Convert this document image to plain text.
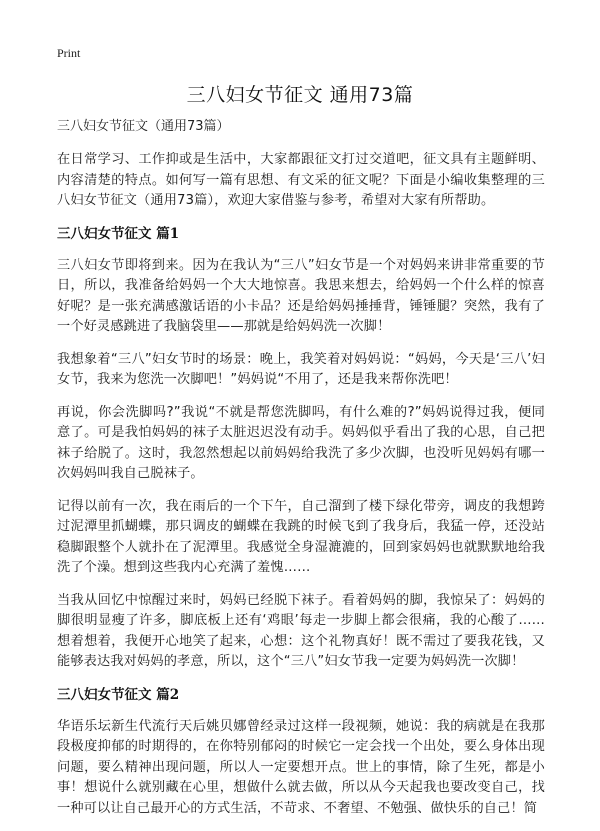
Print
三八妇女节征文 通用73篇

三八妇女节征文（通用73篇）

在日常学习、工作抑或是生活中，大家都跟征文打过交道吧，征文具有主题鲜明、内容清楚的特点。如何写一篇有思想、有文采的征文呢？下面是小编收集整理的三八妇女节征文（通用73篇），欢迎大家借鉴与参考，希望对大家有所帮助。

三八妇女节征文 篇1

三八妇女节即将到来。因为在我认为“三八”妇女节是一个对妈妈来讲非常重要的节日，所以，我准备给妈妈一个大大地惊喜。我思来想去，给妈妈一个什么样的惊喜好呢？是一张充满感激话语的小卡品？还是给妈妈捶捶背，锤锤腿？突然，我有了一个好灵感跳进了我脑袋里——那就是给妈妈洗一次脚！

我想象着“三八”妇女节时的场景：晚上，我笑着对妈妈说：“妈妈，今天是‘三八’妇女节，我来为您洗一次脚吧！”妈妈说“不用了，还是我来帮你洗吧！

再说，你会洗脚吗?”我说“不就是帮您洗脚吗，有什么难的?”妈妈说得过我，便同意了。可是我怕妈妈的袜子太脏迟迟没有动手。妈妈似乎看出了我的心思，自己把袜子给脱了。这时，我忽然想起以前妈妈给我洗了多少次脚，也没听见妈妈有哪一次妈妈叫我自己脱袜子。

记得以前有一次，我在雨后的一个下午，自己溜到了楼下绿化带旁，调皮的我想跨过泥潭里抓蝴蝶，那只调皮的蝴蝶在我跳的时候飞到了我身后，我猛一停，还没站稳脚跟整个人就扑在了泥潭里。我感觉全身湿漉漉的，回到家妈妈也就默默地给我洗了个澡。想到这些我内心充满了羞愧……

当我从回忆中惊醒过来时，妈妈已经脱下袜子。看着妈妈的脚，我惊呆了：妈妈的脚很明显瘦了许多，脚底板上还有‘鸡眼’每走一步脚上都会很痛，我的心酸了……想着想着，我便开心地笑了起来，心想：这个礼物真好！既不需过了要我花钱，又能够表达我对妈妈的孝意，所以，这个“三八”妇女节我一定要为妈妈洗一次脚！

三八妇女节征文 篇2

华语乐坛新生代流行天后姚贝娜曾经录过这样一段视频，她说：我的病就是在我那段极度抑郁的时期得的，在你特别郁闷的时候它一定会找一个出处，要么身体出现问题，要么精神出现问题，所以人一定要想开点。世上的事情，除了生死，都是小事！想说什么就别藏在心里，想做什么就去做，所以从今天起我也要改变自己，找一种可以让自己最开心的方式生活，不苛求、不奢望、不勉强、做快乐的自己！简
